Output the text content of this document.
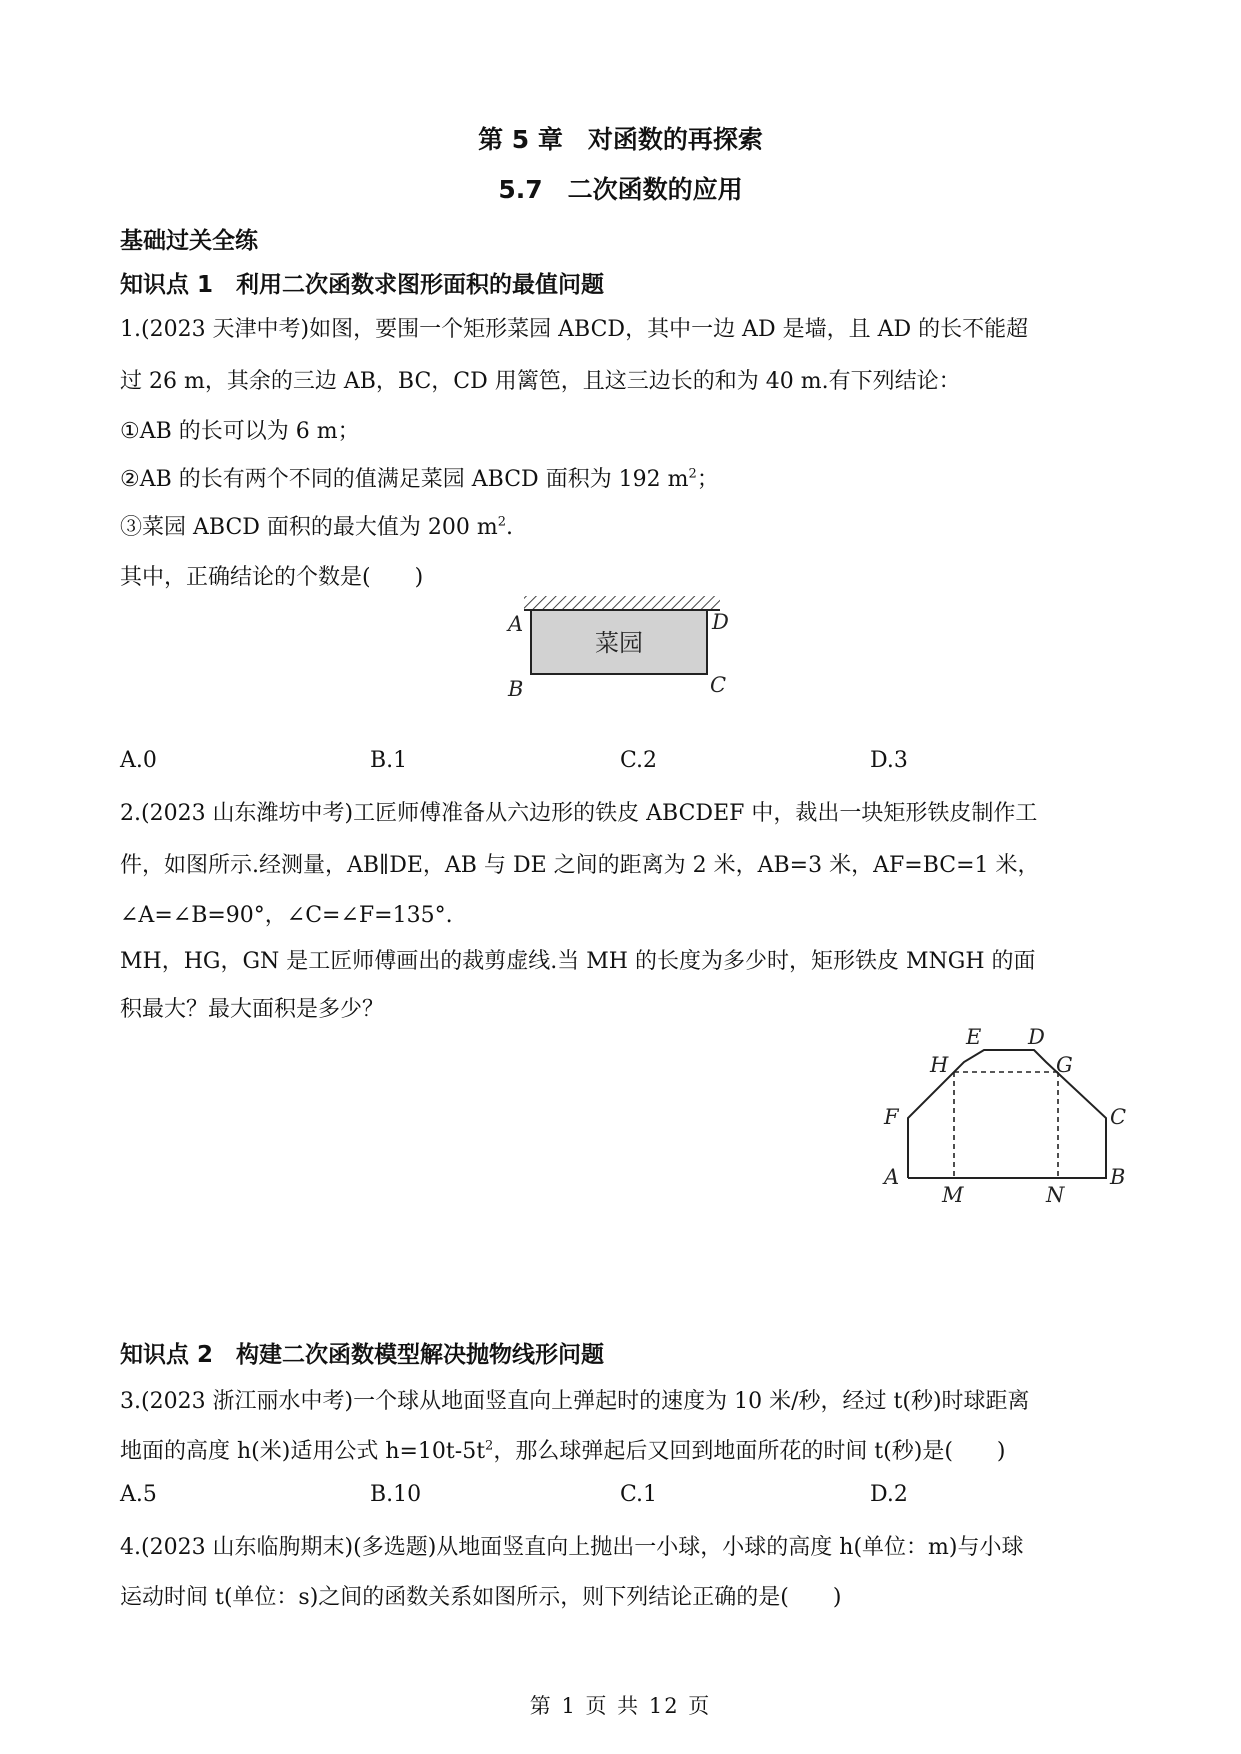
第 5 章　对函数的再探索
5.7　二次函数的应用
基础过关全练
知识点 1　利用二次函数求图形面积的最值问题
1.(2023 天津中考)如图，要围一个矩形菜园 ABCD，其中一边 AD 是墙，且 AD 的长不能超
过 26 m，其余的三边 AB，BC，CD 用篱笆，且这三边长的和为 40 m.有下列结论：
①AB 的长可以为 6 m；
②AB 的长有两个不同的值满足菜园 ABCD 面积为 192 $m^2$；
③菜园 ABCD 面积的最大值为 200 $m^2$.
其中，正确结论的个数是(　　)
菜园
A	D
B	C
A.0	B.1	C.2	D.3
2.(2023 山东潍坊中考)工匠师傅准备从六边形的铁皮 ABCDEF 中，裁出一块矩形铁皮制作工
件，如图所示.经测量，AB∥DE，AB 与 DE 之间的距离为 2 米，AB=3 米，AF=BC=1 米，
∠A=∠B=90°，∠C=∠F=135°.
MH，HG，GN 是工匠师傅画出的裁剪虚线.当 MH 的长度为多少时，矩形铁皮 MNGH 的面
积最大？最大面积是多少？
E D
H	G
F	C
A	B
M	N
知识点 2　构建二次函数模型解决抛物线形问题
3.(2023 浙江丽水中考)一个球从地面竖直向上弹起时的速度为 10 米/秒，经过 t(秒)时球距离
地面的高度 h(米)适用公式 $h=10t-5t^2$，那么球弹起后又回到地面所花的时间 t(秒)是(　　)
A.5	B.10	C.1	D.2
4.(2023 山东临朐期末)(多选题)从地面竖直向上抛出一小球，小球的高度 h(单位：m)与小球
运动时间 t(单位：s)之间的函数关系如图所示，则下列结论正确的是(　　)
第 1 页 共 12 页
